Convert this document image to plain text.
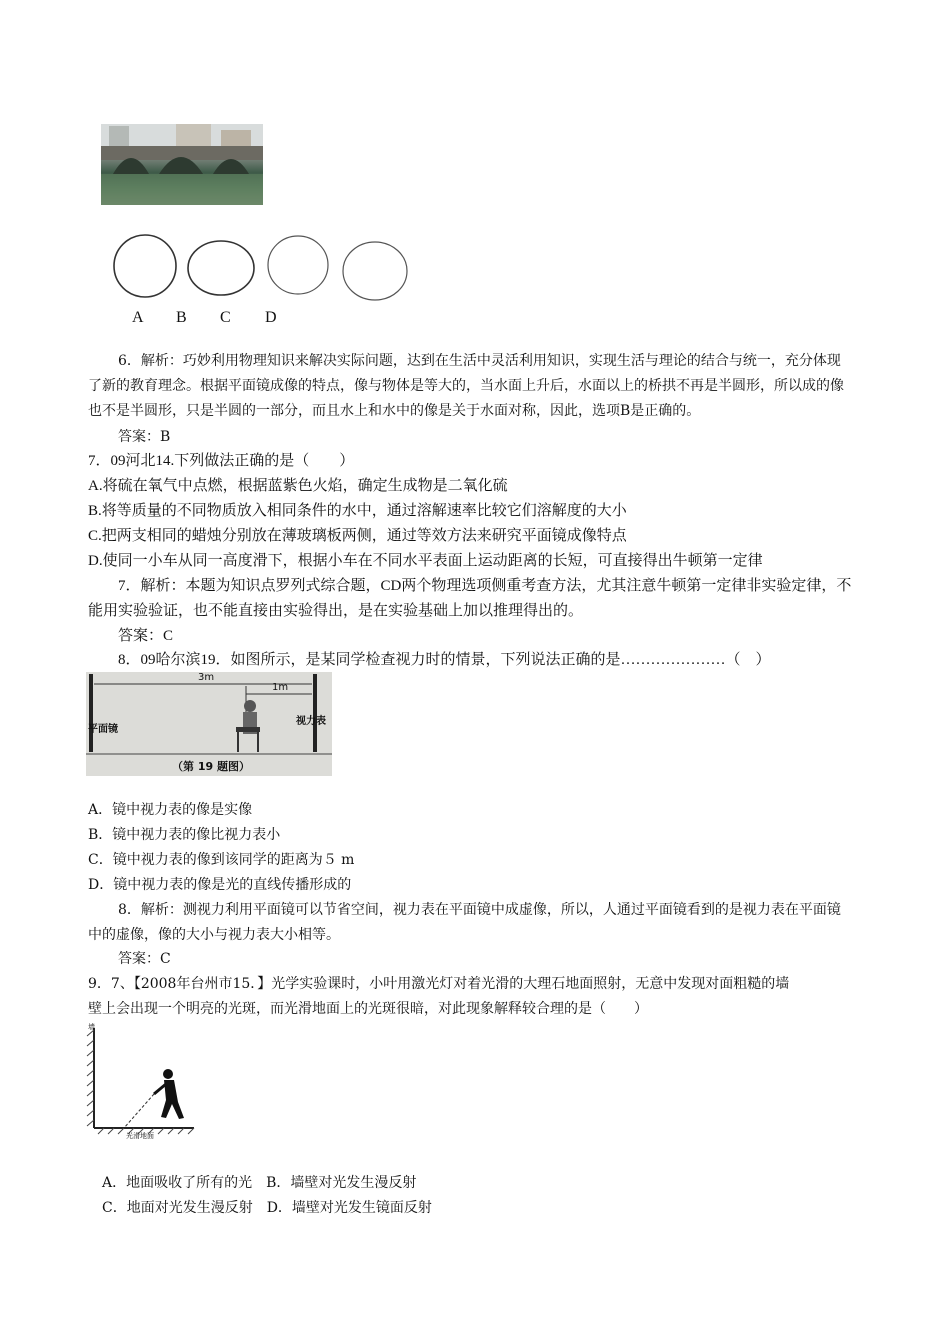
A B C D
6．解析：巧妙利用物理知识来解决实际问题，达到在生活中灵活利用知识，实现生活与理论的结合与统一，充分体现
了新的教育理念。根据平面镜成像的特点，像与物体是等大的，当水面上升后，水面以上的桥拱不再是半圆形，所以成的像
也不是半圆形，只是半圆的一部分，而且水上和水中的像是关于水面对称，因此，选项B是正确的。
答案：B
7．09河北14.下列做法正确的是（　　）
A.将硫在氧气中点燃，根据蓝紫色火焰，确定生成物是二氧化硫
B.将等质量的不同物质放入相同条件的水中，通过溶解速率比较它们溶解度的大小
C.把两支相同的蜡烛分别放在薄玻璃板两侧，通过等效方法来研究平面镜成像特点
D.使同一小车从同一高度滑下，根据小车在不同水平表面上运动距离的长短，可直接得出牛顿第一定律
7．解析：本题为知识点罗列式综合题，CD两个物理选项侧重考查方法，尤其注意牛顿第一定律非实验定律，不
能用实验验证，也不能直接由实验得出，是在实验基础上加以推理得出的。
答案：C
8．09哈尔滨19．如图所示，是某同学检查视力时的情景，下列说法正确的是…………………（　）
3m
1m
平面镜
视力表
（第 19 题图）
A．镜中视力表的像是实像
B．镜中视力表的像比视力表小
C．镜中视力表的像到该同学的距离为５ m
D．镜中视力表的像是光的直线传播形成的
8．解析：测视力利用平面镜可以节省空间，视力表在平面镜中成虚像，所以，人通过平面镜看到的是视力表在平面镜
中的虚像，像的大小与视力表大小相等。
答案：C
9．7、【2008年台州市15．】光学实验课时，小叶用激光灯对着光滑的大理石地面照射，无意中发现对面粗糙的墙
壁上会出现一个明亮的光斑，而光滑地面上的光斑很暗，对此现象解释较合理的是（　　）
墙
光滑地面
A．地面吸收了所有的光　B．墙壁对光发生漫反射
C．地面对光发生漫反射　D．墙壁对光发生镜面反射
